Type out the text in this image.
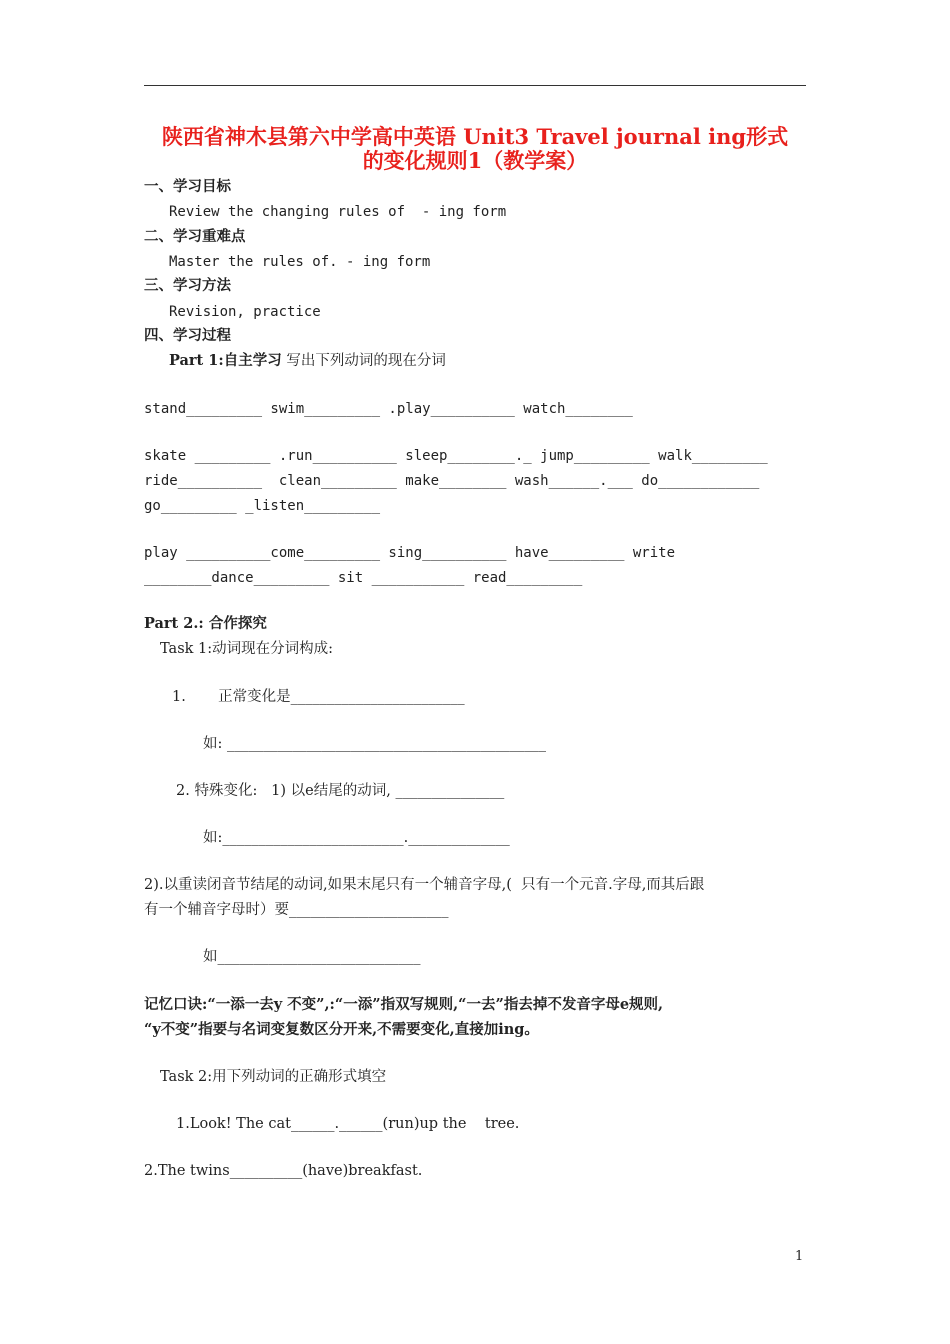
陕西省神木县第六中学高中英语 Unit3 Travel journal ing形式
的变化规则1（教学案）
一、学习目标
Review the changing rules of  - ing form
二、学习重难点
Master the rules of. - ing form
三、学习方法
Revision, practice
四、学习过程
Part 1:自主学习 写出下列动词的现在分词
stand_________ swim_________ .play__________ watch________
skate _________ .run__________ sleep________._ jump_________ walk_________
ride__________  clean_________ make________ wash______.___ do____________
go_________ _listen_________
play __________come_________ sing__________ have_________ write
________dance_________ sit ___________ read_________
Part 2.: 合作探究
Task 1:动词现在分词构成:
1.       正常变化是________________________
如: ____________________________________________
2. 特殊变化:   1) 以e结尾的动词, _______________
如:_________________________.______________
2).以重读闭音节结尾的动词,如果末尾只有一个辅音字母,(  只有一个元音.字母,而其后跟
有一个辅音字母时）要______________________
如____________________________
记忆口诀:“一添一去y 不变”,:“一添”指双写规则,“一去”指去掉不发音字母e规则,
“y不变”指要与名词变复数区分开来,不需要变化,直接加ing。
Task 2:用下列动词的正确形式填空
1.Look! The cat______.______(run)up the    tree.
2.The twins__________(have)breakfast.
1
